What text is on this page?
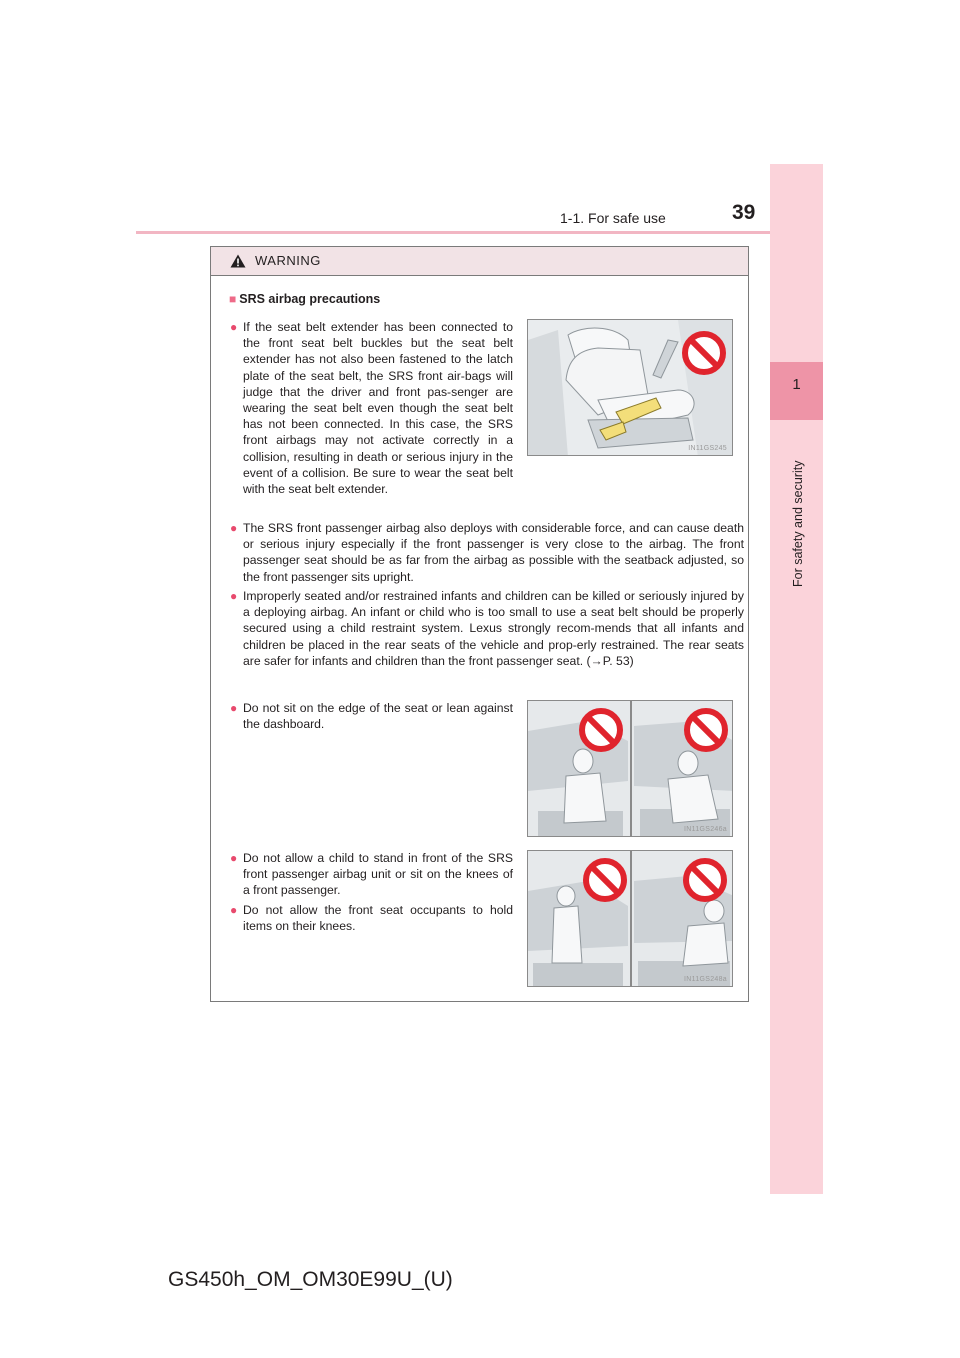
1-1. For safe use	39
1
For safety and security
WARNING
■ SRS airbag precautions
● If the seat belt extender has been connected to the front seat belt buckles but the seat belt extender has not also been fastened to the latch plate of the seat belt, the SRS front air-bags will judge that the driver and front pas-senger are wearing the seat belt even though the seat belt has not been connected. In this case, the SRS front airbags may not activate correctly in a collision, resulting in death or serious injury in the event of a collision. Be sure to wear the seat belt with the seat belt extender.
IN11GS245
● The SRS front passenger airbag also deploys with considerable force, and can cause death or serious injury especially if the front passenger is very close to the airbag. The front passenger seat should be as far from the airbag as possible with the seatback adjusted, so the front passenger sits upright.
● Improperly seated and/or restrained infants and children can be killed or seriously injured by a deploying airbag. An infant or child who is too small to use a seat belt should be properly secured using a child restraint system. Lexus strongly recom-mends that all infants and children be placed in the rear seats of the vehicle and prop-erly restrained. The rear seats are safer for infants and children than the front passenger seat. (→P. 53)
● Do not sit on the edge of the seat or lean against the dashboard.
IN11GS246a
● Do not allow a child to stand in front of the SRS front passenger airbag unit or sit on the knees of a front passenger.
● Do not allow the front seat occupants to hold items on their knees.
IN11GS248a
GS450h_OM_OM30E99U_(U)
